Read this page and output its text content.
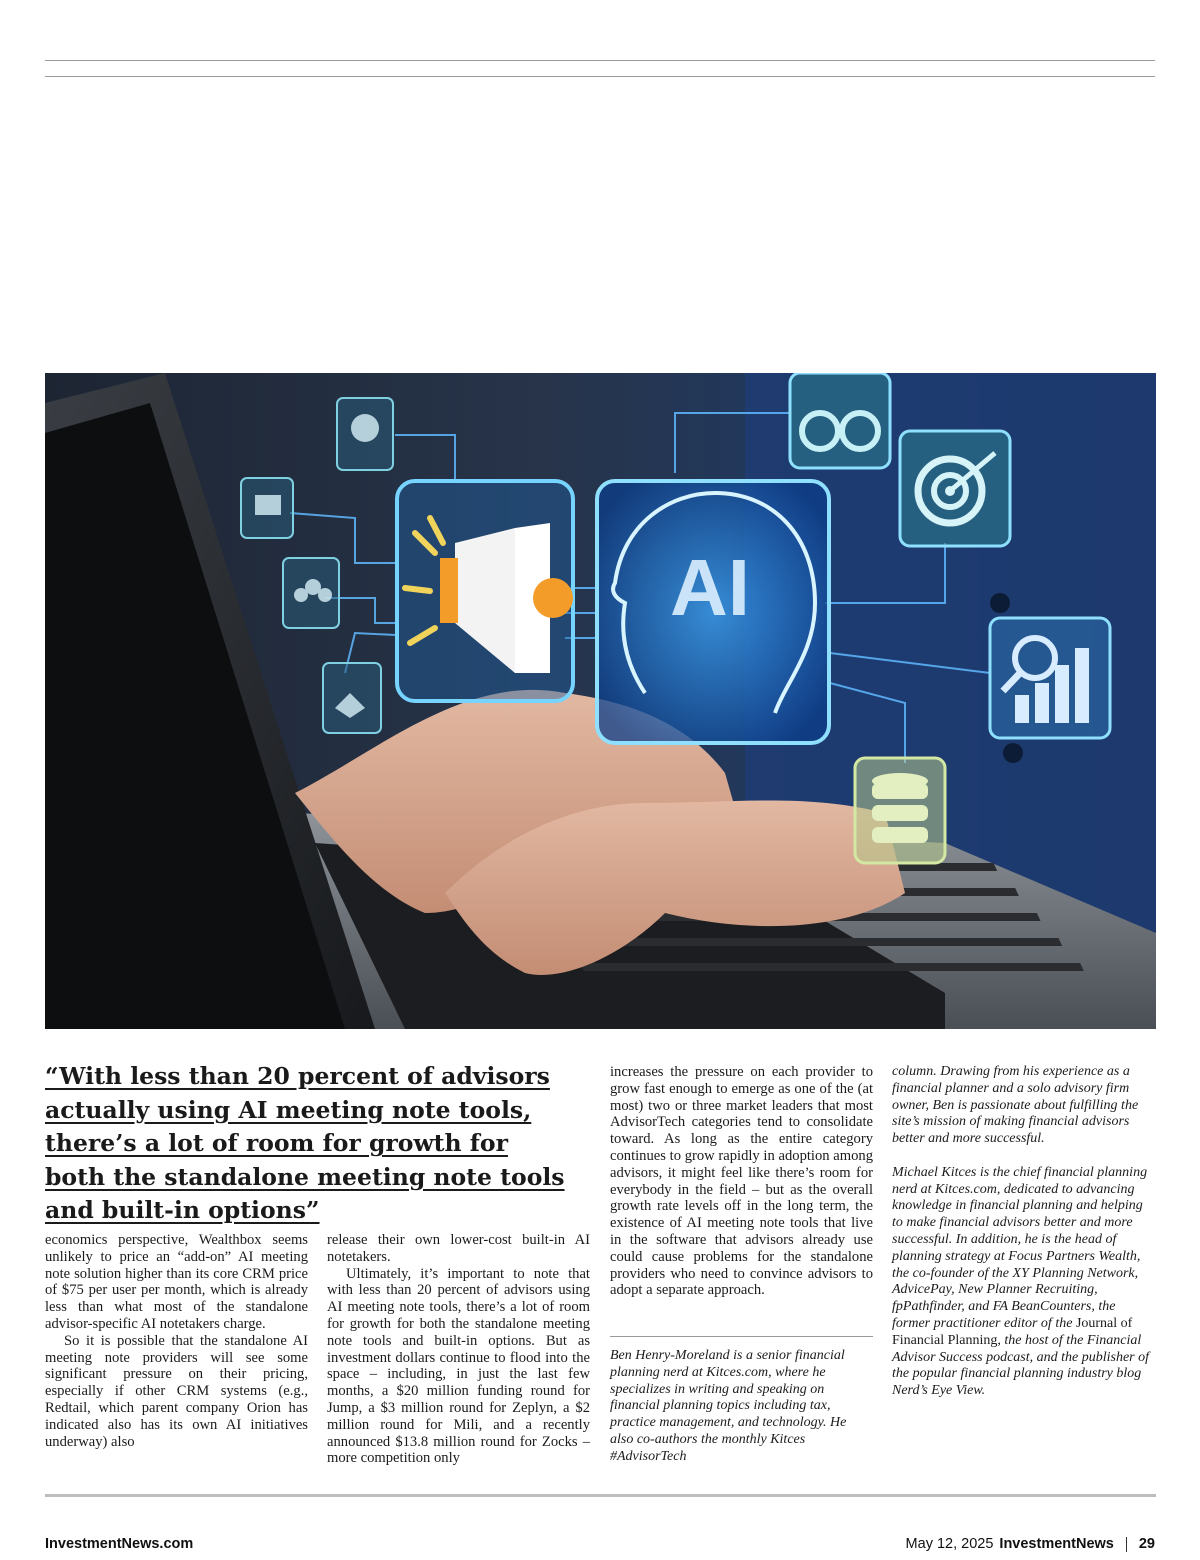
AI
“With less than 20 percent of advisors actually using AI meeting note tools, there’s a lot of room for growth for both the standalone meeting note tools and built-in options”

economics perspective, Wealthbox seems unlikely to price an “add-on” AI meeting note solution higher than its core CRM price of $75 per user per month, which is already less than what most of the standalone advisor-specific AI notetakers charge.

So it is possible that the standalone AI meeting note providers will see some significant pressure on their pricing, especially if other CRM systems (e.g., Redtail, which parent company Orion has indicated also has its own AI initiatives underway) also

release their own lower-cost built-in AI notetakers.

Ultimately, it’s important to note that with less than 20 percent of advisors using AI meeting note tools, there’s a lot of room for growth for both the standalone meeting note tools and built-in options. But as investment dollars continue to flood into the space – including, in just the last few months, a $20 million funding round for Jump, a $3 million round for Zeplyn, a $2 million round for Mili, and a recently announced $13.8 million round for Zocks – more competition only

increases the pressure on each provider to grow fast enough to emerge as one of the (at most) two or three market leaders that most AdvisorTech categories tend to consolidate toward. As long as the entire category continues to grow rapidly in adoption among advisors, it might feel like there’s room for everybody in the field – but as the overall growth rate levels off in the long term, the existence of AI meeting note tools that live in the software that advisors already use could cause problems for the standalone providers who need to convince advisors to adopt a separate approach.

Ben Henry-Moreland is a senior financial planning nerd at Kitces.com, where he specializes in writing and speaking on financial planning topics including tax, practice management, and technology. He also co-authors the monthly Kitces #AdvisorTech

column. Drawing from his experience as a financial planner and a solo advisory firm owner, Ben is passionate about fulfilling the site’s mission of making financial advisors better and more successful.

Michael Kitces is the chief financial planning nerd at Kitces.com, dedicated to advancing knowledge in financial planning and helping to make financial advisors better and more successful. In addition, he is the head of planning strategy at Focus Partners Wealth, the co-founder of the XY Planning Network, AdvicePay, New Planner Recruiting, fpPathfinder, and FA BeanCounters, the former practitioner editor of the Journal of Financial Planning, the host of the Financial Advisor Success podcast, and the publisher of the popular financial planning industry blog Nerd’s Eye View.

InvestmentNews.com	May 12, 2025 InvestmentNews 29
